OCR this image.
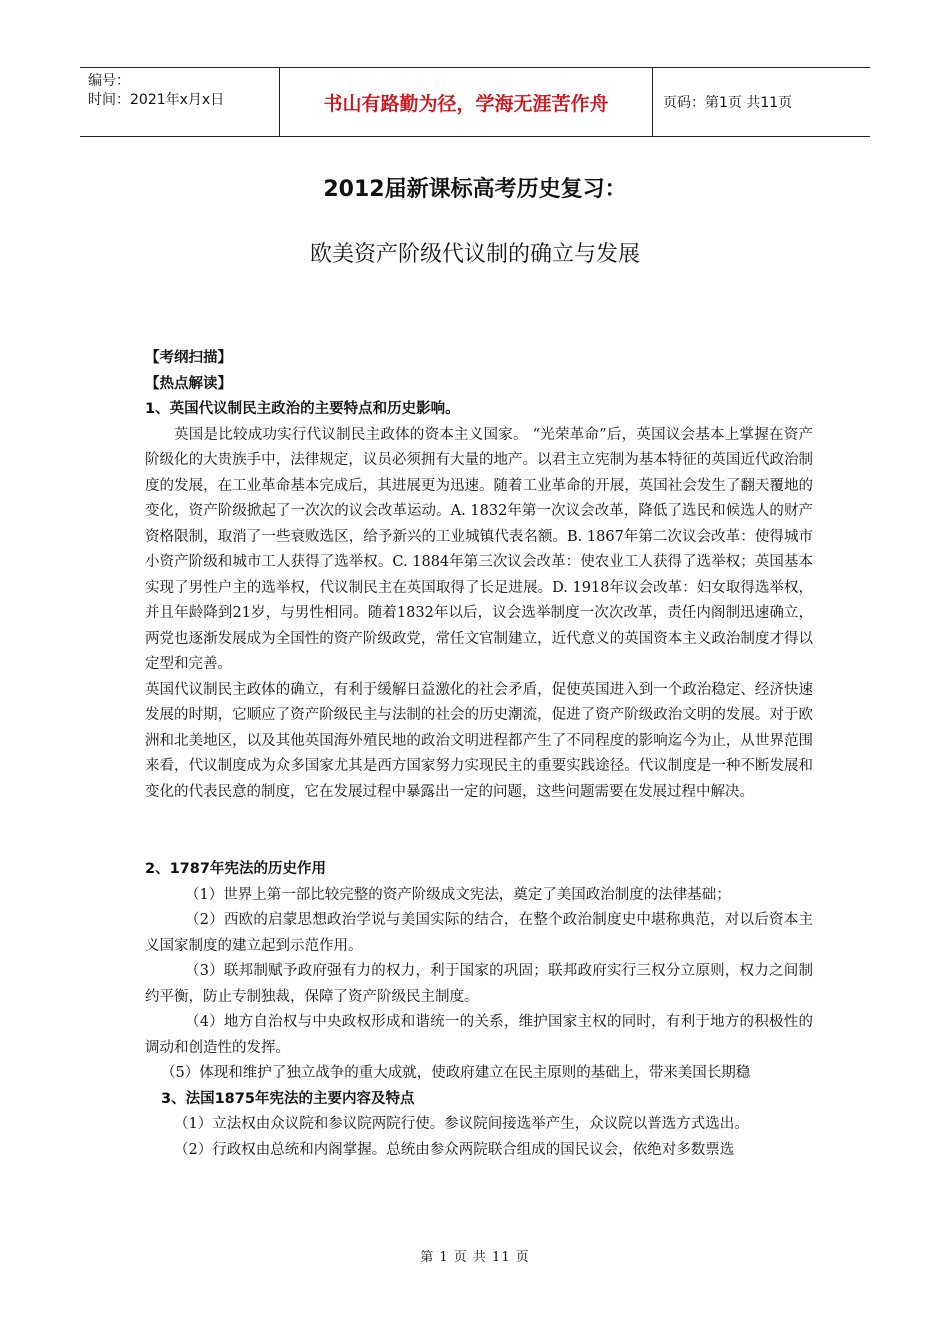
编号：
时间：2021年x月x日	书山有路勤为径，学海无涯苦作舟	页码：第1页 共11页
2012届新课标高考历史复习：
欧美资产阶级代议制的确立与发展

【考纲扫描】

【热点解读】

1、英国代议制民主政治的主要特点和历史影响。

英国是比较成功实行代议制民主政体的资本主义国家。 “光荣革命”后，英国议会基本上掌握在资产阶级化的大贵族手中，法律规定，议员必须拥有大量的地产。以君主立宪制为基本特征的英国近代政治制度的发展，在工业革命基本完成后，其进展更为迅速。随着工业革命的开展，英国社会发生了翻天覆地的变化，资产阶级掀起了一次次的议会改革运动。A. 1832年第一次议会改革，降低了选民和候选人的财产资格限制，取消了一些衰败选区，给予新兴的工业城镇代表名额。B. 1867年第二次议会改革：使得城市小资产阶级和城市工人获得了选举权。C. 1884年第三次议会改革：使农业工人获得了选举权；英国基本实现了男性户主的选举权，代议制民主在英国取得了长足进展。D. 1918年议会改革：妇女取得选举权，并且年龄降到21岁，与男性相同。随着1832年以后，议会选举制度一次次改革，责任内阁制迅速确立，两党也逐渐发展成为全国性的资产阶级政党，常任文官制建立，近代意义的英国资本主义政治制度才得以定型和完善。

英国代议制民主政体的确立，有利于缓解日益激化的社会矛盾，促使英国进入到一个政治稳定、经济快速发展的时期，它顺应了资产阶级民主与法制的社会的历史潮流，促进了资产阶级政治文明的发展。对于欧洲和北美地区，以及其他英国海外殖民地的政治文明进程都产生了不同程度的影响迄今为止，从世界范围来看，代议制度成为众多国家尤其是西方国家努力实现民主的重要实践途径。代议制度是一种不断发展和变化的代表民意的制度，它在发展过程中暴露出一定的问题，这些问题需要在发展过程中解决。

2、1787年宪法的历史作用

（1）世界上第一部比较完整的资产阶级成文宪法，奠定了美国政治制度的法律基础；

（2）西欧的启蒙思想政治学说与美国实际的结合，在整个政治制度史中堪称典范，对以后资本主义国家制度的建立起到示范作用。

（3）联邦制赋予政府强有力的权力，利于国家的巩固；联邦政府实行三权分立原则，权力之间制约平衡，防止专制独裁，保障了资产阶级民主制度。

（4）地方自治权与中央政权形成和谐统一的关系，维护国家主权的同时，有利于地方的积极性的调动和创造性的发挥。

（5）体现和维护了独立战争的重大成就，使政府建立在民主原则的基础上，带来美国长期稳

3、法国1875年宪法的主要内容及特点

（1）立法权由众议院和参议院两院行使。参议院间接选举产生，众议院以普选方式选出。

（2）行政权由总统和内阁掌握。总统由参众两院联合组成的国民议会，依绝对多数票选

第 1 页 共 11 页
